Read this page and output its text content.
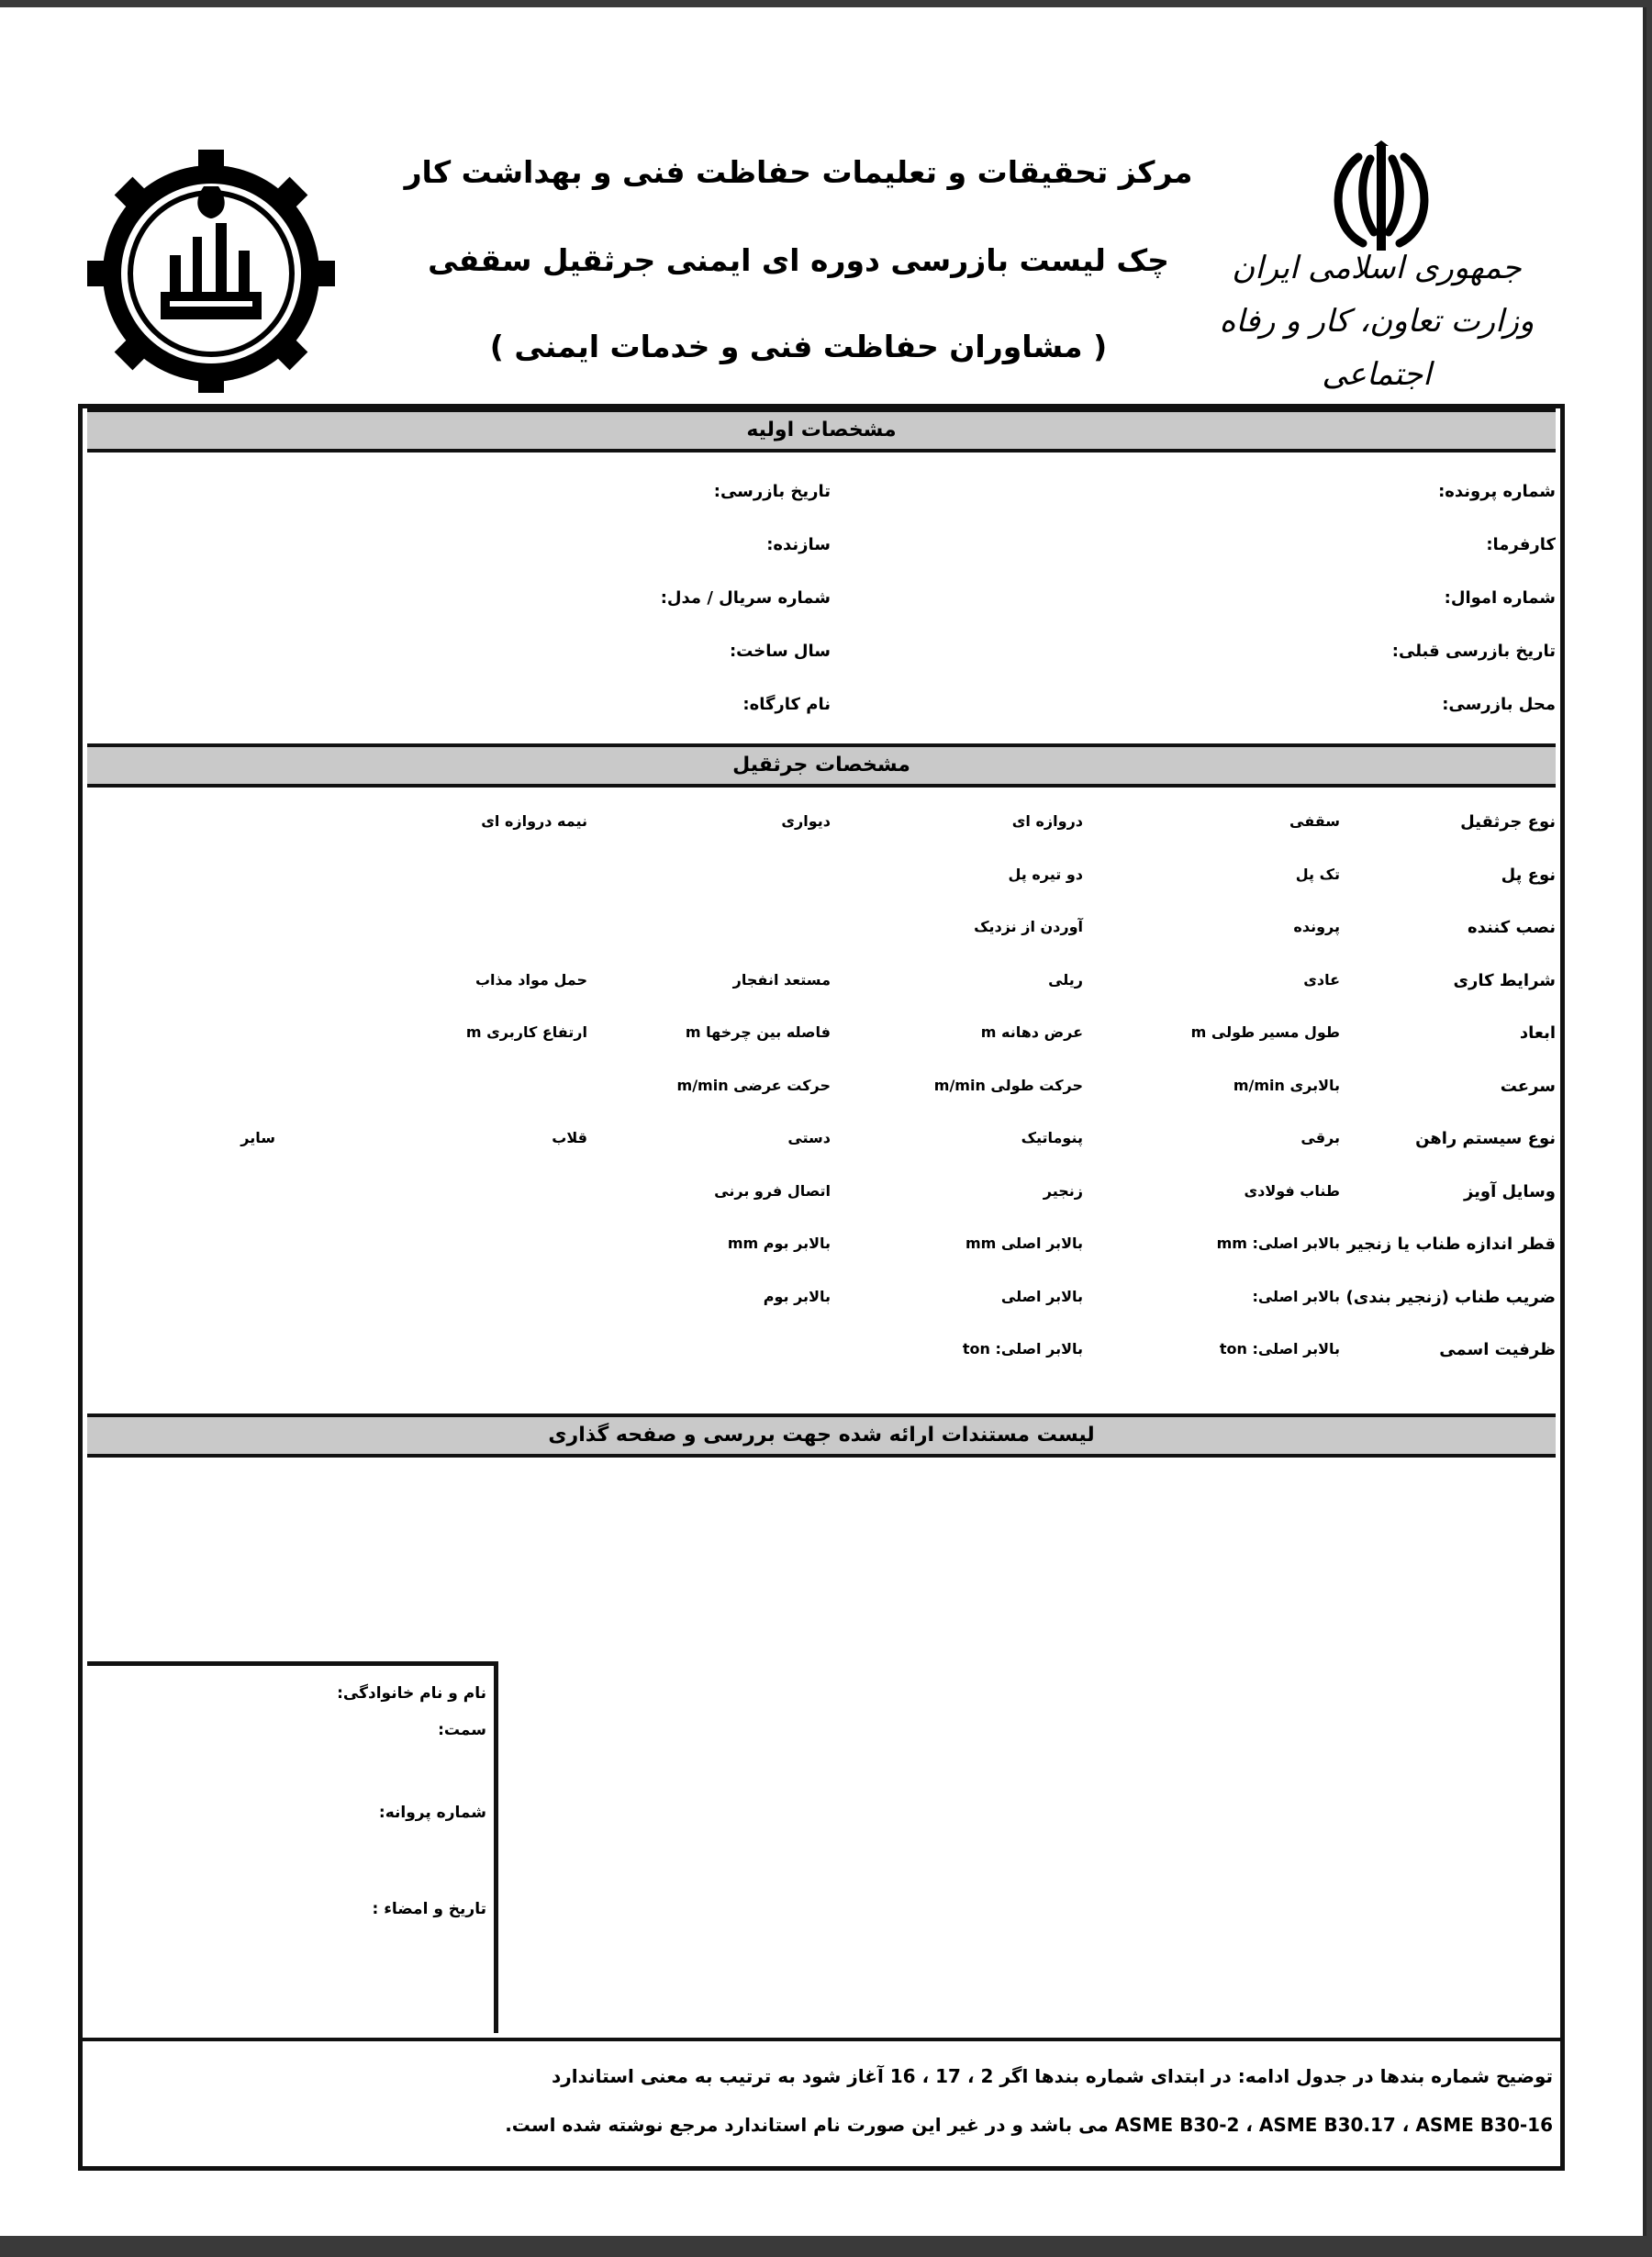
مرکز تحقیقات و تعلیمات حفاظت فنی و بهداشت کار
چک لیست بازرسی دوره ای ایمنی جرثقیل سقفی
( مشاوران حفاظت فنی و خدمات ایمنی )
جمهوری اسلامی ایران
وزارت تعاون، کار و رفاه اجتماعی
مشخصات اولیه
شماره پرونده:
کارفرما:
شماره اموال:
تاریخ بازرسی قبلی:
محل بازرسی:
تاریخ بازرسی:
سازنده:
شماره سریال / مدل:
سال ساخت:
نام کارگاه:
مشخصات جرثقیل
نوع جرثقیل
سقفی
دروازه ای
دیواری
نیمه دروازه ای
نوع پل
تک پل
دو تیره پل
نصب کننده
پرونده
آوردن از نزدیک
شرایط کاری
عادی
ریلی
مستعد انفجار
حمل مواد مذاب
ابعاد
طول مسیر طولی m
عرض دهانه m
فاصله بین چرخها m
ارتفاع کاربری m
سرعت
بالابری m/min
حرکت طولی m/min
حرکت عرضی m/min
نوع سیستم راهن
برقی
پنوماتیک
دستی
قلاب
سایر
وسایل آویز
طناب فولادی
زنجیر
اتصال فرو برنی
قطر اندازه طناب یا زنجیر
بالابر اصلی: mm
بالابر اصلی mm
بالابر بوم mm
ضریب طناب (زنجیر بندی)
بالابر اصلی:
بالابر اصلی
بالابر بوم
ظرفیت اسمی
بالابر اصلی: ton
بالابر اصلی: ton
لیست مستندات ارائه شده جهت بررسی و صفحه گذاری
نام و نام خانوادگی:
سمت:
شماره پروانه:
تاریخ و امضاء :
توضیح شماره بندها در جدول ادامه: در ابتدای شماره بندها اگر 2 ، 17 ، 16 آغاز شود به ترتیب به معنی استاندارد
ASME B30-2 ، ASME B30.17 ، ASME B30-16 می باشد و در غیر این صورت نام استاندارد مرجع نوشته شده است.
